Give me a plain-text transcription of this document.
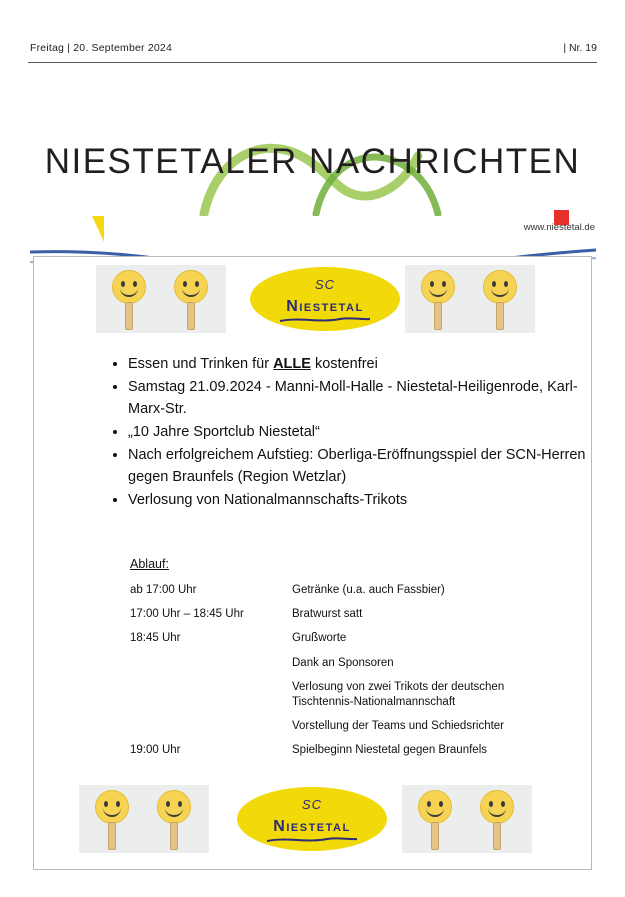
Freitag | 20. September 2024	| Nr. 19
NIESTETALER NACHRICHTEN
www.niestetal.de
SC
Niestetal
• Essen und Trinken für ALLE kostenfrei
• Samstag 21.09.2024 - Manni-Moll-Halle - Niestetal-Heiligenrode, Karl-Marx-Str.
• „10 Jahre Sportclub Niestetal“
• Nach erfolgreichem Aufstieg: Oberliga-Eröffnungsspiel der SCN-Herren gegen Braunfels (Region Wetzlar)
• Verlosung von Nationalmannschafts-Trikots
Ablauf:
ab 17:00 Uhr	Getränke (u.a. auch Fassbier)
17:00 Uhr – 18:45 Uhr	Bratwurst satt
18:45 Uhr	Grußworte
	Dank an Sponsoren
	Verlosung von zwei Trikots der deutschen Tischtennis-Nationalmannschaft
	Vorstellung der Teams und Schiedsrichter
19:00 Uhr	Spielbeginn Niestetal gegen Braunfels
SC
Niestetal
